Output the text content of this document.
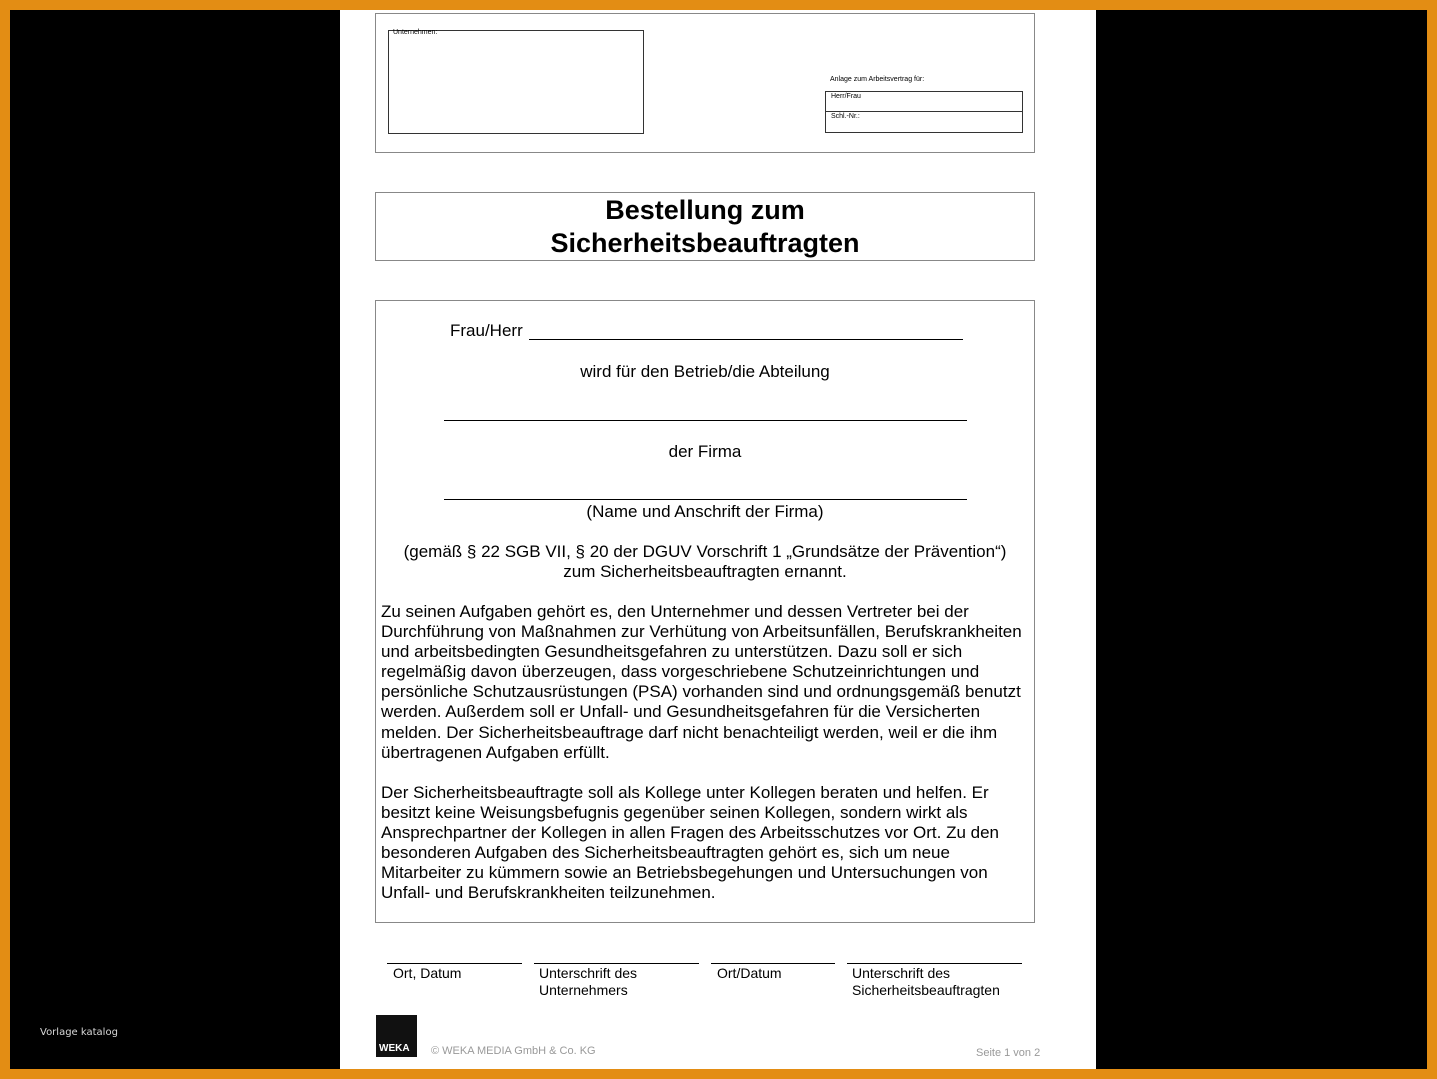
Vorlage katalog
Unternehmen:
Anlage zum Arbeitsvertrag für:
Herr/Frau
Schl.-Nr.:
Bestellung zum
Sicherheitsbeauftragten
Frau/Herr
wird für den Betrieb/die Abteilung
der Firma
(Name und Anschrift der Firma)
(gemäß § 22 SGB VII, § 20 der DGUV Vorschrift 1 „Grundsätze der Prävention“)
zum Sicherheitsbeauftragten ernannt.
Zu seinen Aufgaben gehört es, den Unternehmer und dessen Vertreter bei der Durchführung von Maßnahmen zur Verhütung von Arbeitsunfällen, Berufskrankheiten und arbeitsbedingten Gesundheitsgefahren zu unterstützen. Dazu soll er sich regelmäßig davon überzeugen, dass vorgeschriebene Schutzeinrichtungen und persönliche Schutzausrüstungen (PSA) vorhanden sind und ordnungsgemäß benutzt werden. Außerdem soll er Unfall- und Gesundheitsgefahren für die Versicherten melden. Der Sicherheitsbeauftrage darf nicht benachteiligt werden, weil er die ihm übertragenen Aufgaben erfüllt.
Der Sicherheitsbeauftragte soll als Kollege unter Kollegen beraten und helfen. Er besitzt keine Weisungsbefugnis gegenüber seinen Kollegen, sondern wirkt als Ansprechpartner der Kollegen in allen Fragen des Arbeitsschutzes vor Ort. Zu den besonderen Aufgaben des Sicherheitsbeauftragten gehört es, sich um neue Mitarbeiter zu kümmern sowie an Betriebsbegehungen und Untersuchungen von Unfall- und Berufskrankheiten teilzunehmen.
Ort, Datum	Unterschrift des
Unternehmers
Ort/Datum	Unterschrift des
Sicherheitsbeauftragten
WEKA © WEKA MEDIA GmbH & Co. KG	Seite 1 von 2
